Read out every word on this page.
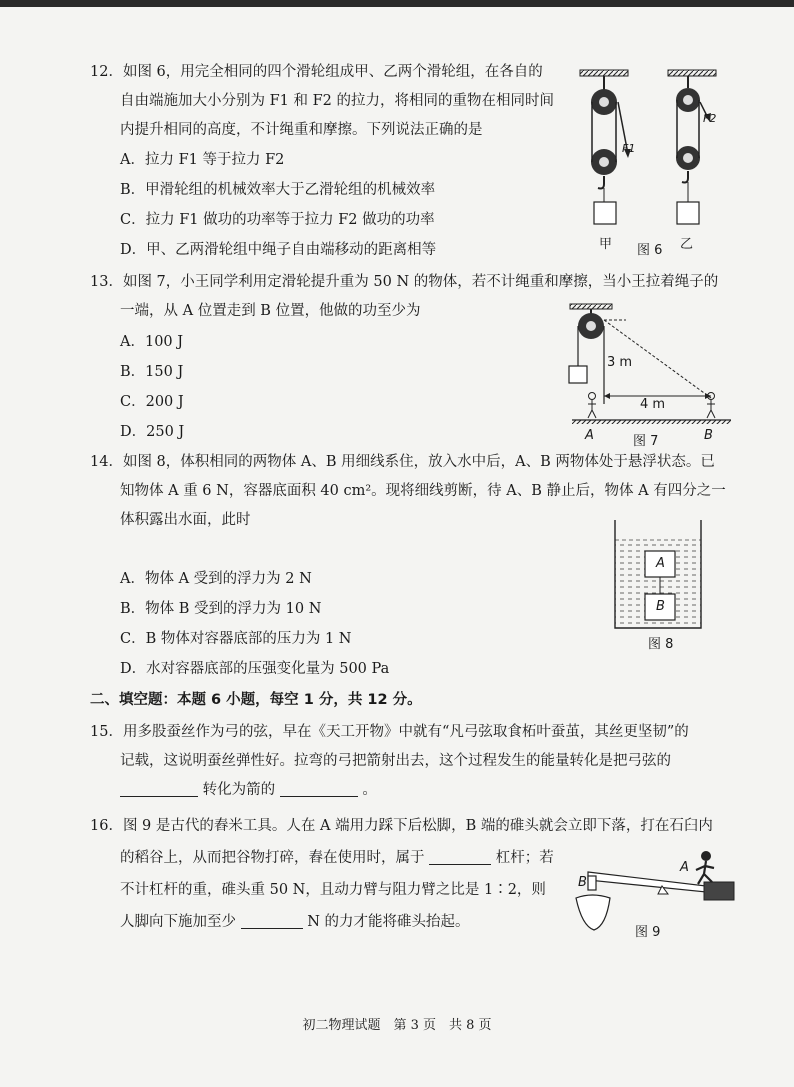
12．如图 6，用完全相同的四个滑轮组成甲、乙两个滑轮组，在各自的
自由端施加大小分别为 F1 和 F2 的拉力，将相同的重物在相同时间
内提升相同的高度，不计绳重和摩擦。下列说法正确的是
A．拉力 F1 等于拉力 F2
B．甲滑轮组的机械效率大于乙滑轮组的机械效率
C．拉力 F1 做功的功率等于拉力 F2 做功的功率
D．甲、乙两滑轮组中绳子自由端移动的距离相等
F1
F2
甲 图 6 乙
13．如图 7，小王同学利用定滑轮提升重为 50 N 的物体，若不计绳重和摩擦，当小王拉着绳子的
一端，从 A 位置走到 B 位置，他做的功至少为
A．100 J
B．150 J
C．200 J
D．250 J
3 m
4 m
A	图 7	B
14．如图 8，体积相同的两物体 A、B 用细线系住，放入水中后，A、B 两物体处于悬浮状态。已
知物体 A 重 6 N，容器底面积 40 cm²。现将细线剪断，待 A、B 静止后，物体 A 有四分之一
体积露出水面，此时
A．物体 A 受到的浮力为 2 N
B．物体 B 受到的浮力为 10 N
C．B 物体对容器底部的压力为 1 N
D．水对容器底部的压强变化量为 500 Pa
A
B
图 8
二、填空题：本题 6 小题，每空 1 分，共 12 分。
15．用多股蚕丝作为弓的弦，早在《天工开物》中就有“凡弓弦取食柘叶蚕茧，其丝更坚韧”的
记载，这说明蚕丝弹性好。拉弯的弓把箭射出去，这个过程发生的能量转化是把弓弦的
转化为箭的	。
16．图 9 是古代的舂米工具。人在 A 端用力踩下后松脚，B 端的碓头就会立即下落，打在石臼内
的稻谷上，从而把谷物打碎，舂在使用时，属于	杠杆；若
不计杠杆的重，碓头重 50 N，且动力臂与阻力臂之比是 1∶2，则
人脚向下施加至少	N 的力才能将碓头抬起。
B
A
图 9
初二物理试题　第 3 页　共 8 页
